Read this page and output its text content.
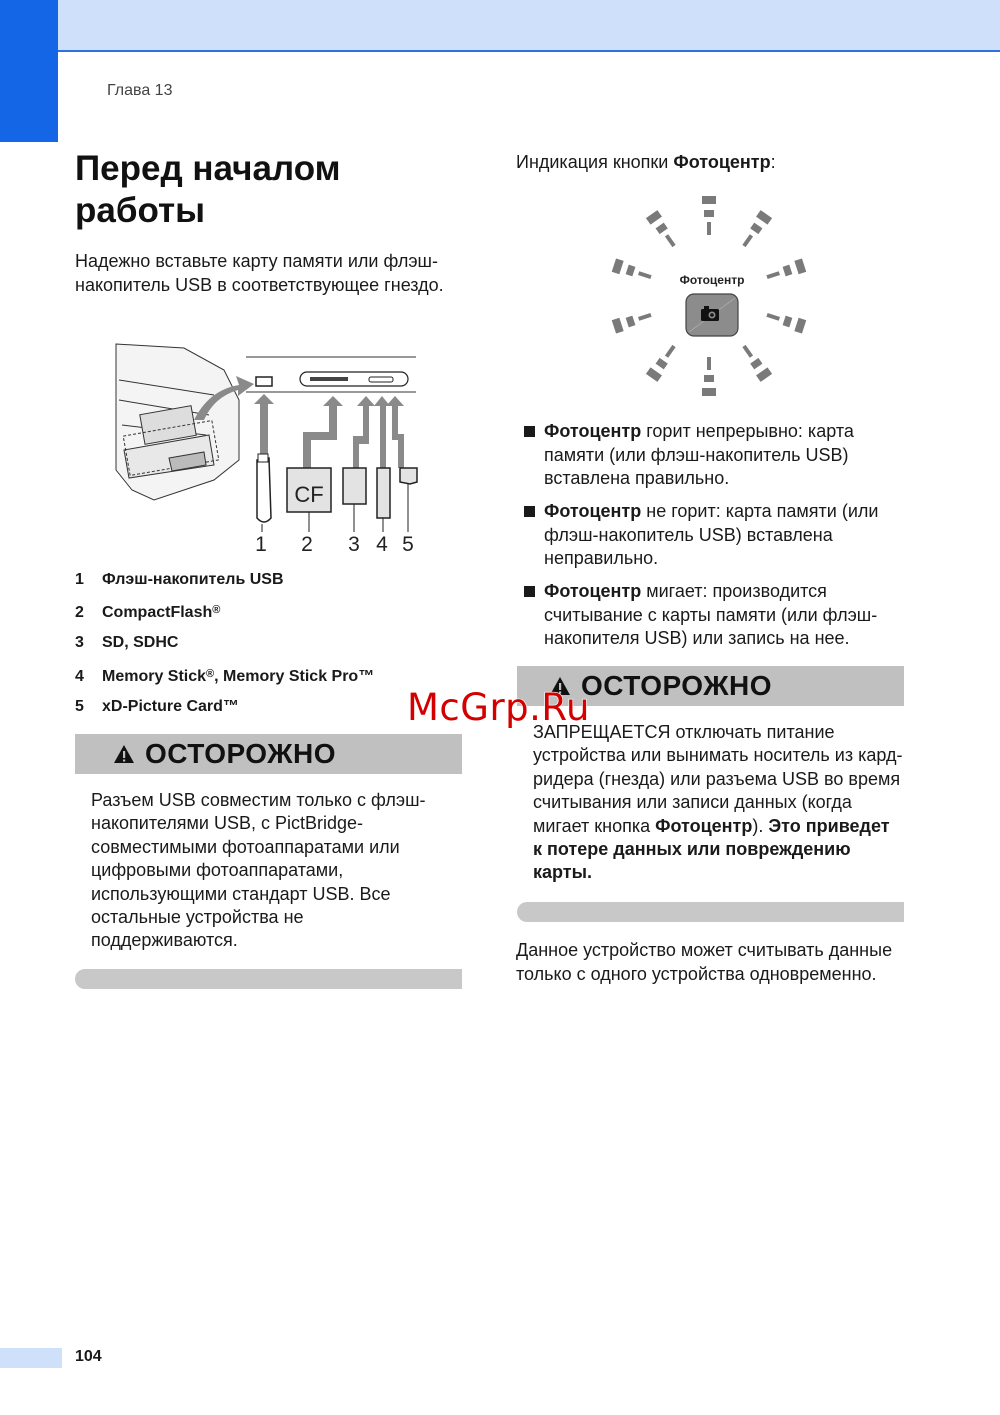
Глава 13
Перед началом работы

Надежно вставьте карту памяти или флэш-накопитель USB в соответствующее гнездо.

CF
1 2 3 4 5
1	Флэш-накопитель USB
2	CompactFlash ®
3	SD, SDHC
4	Memory Stick ® , Memory Stick Pro™
5	xD-Picture Card™
ОСТОРОЖНО

Разъем USB совместим только с флэш-накопителями USB, с PictBridge-совместимыми фотоаппаратами или цифровыми фотоаппаратами, использующими стандарт USB. Все остальные устройства не поддерживаются.

Индикация кнопки Фотоцентр:

Фотоцентр
Фотоцентр горит непрерывно: карта памяти (или флэш-накопитель USB) вставлена правильно.
Фотоцентр не горит: карта памяти (или флэш-накопитель USB) вставлена неправильно.
Фотоцентр мигает: производится считывание с карты памяти (или флэш-накопителя USB) или запись на нее.
ОСТОРОЖНО

ЗАПРЕЩАЕТСЯ отключать питание устройства или вынимать носитель из кард-ридера (гнезда) или разъема USB во время считывания или записи данных (когда мигает кнопка Фотоцентр). Это приведет к потере данных или повреждению карты.

Данное устройство может считывать данные только с одного устройства одновременно.

McGrp.Ru
104
